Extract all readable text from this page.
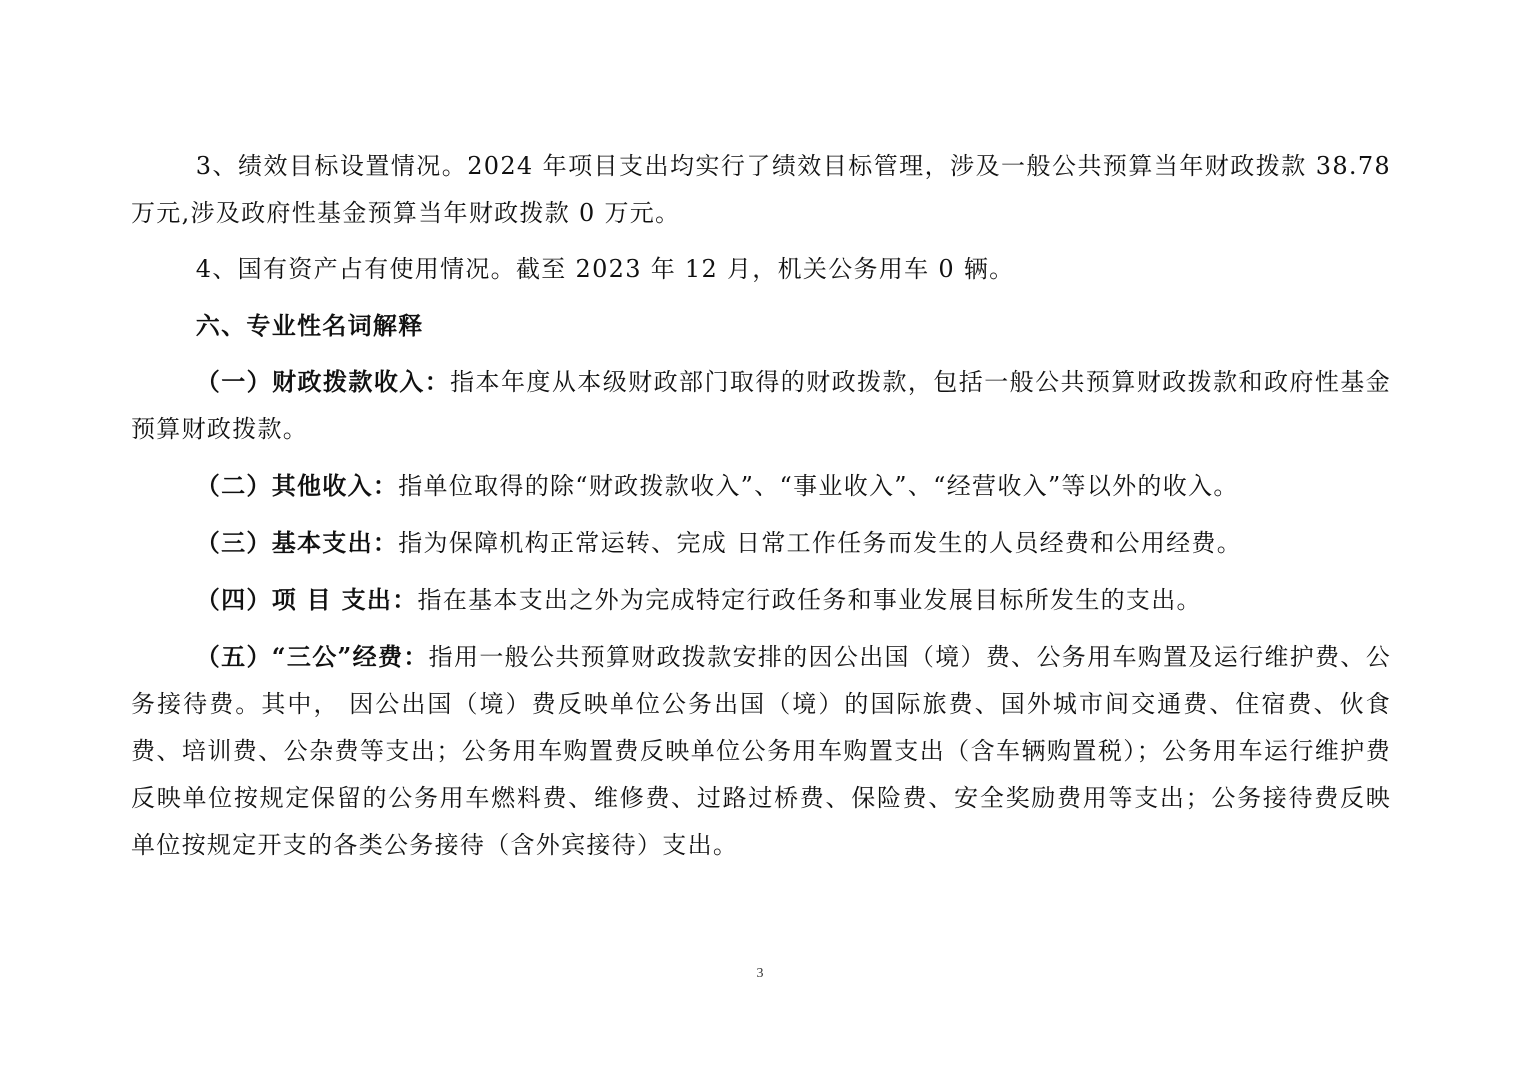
3、绩效目标设置情况。2024 年项目支出均实行了绩效目标管理，涉及一般公共预算当年财政拨款 38.78 万元,涉及政府性基金预算当年财政拨款 0 万元。

4、国有资产占有使用情况。截至 2023 年 12 月，机关公务用车 0 辆。

六、专业性名词解释

（一）财政拨款收入：指本年度从本级财政部门取得的财政拨款，包括一般公共预算财政拨款和政府性基金预算财政拨款。

（二）其他收入：指单位取得的除“财政拨款收入”、“事业收入”、“经营收入”等以外的收入。

（三）基本支出：指为保障机构正常运转、完成 日常工作任务而发生的人员经费和公用经费。

（四）项 目 支出：指在基本支出之外为完成特定行政任务和事业发展目标所发生的支出。

（五）“三公”经费：指用一般公共预算财政拨款安排的因公出国（境）费、公务用车购置及运行维护费、公务接待费。其中， 因公出国（境）费反映单位公务出国（境）的国际旅费、国外城市间交通费、住宿费、伙食费、培训费、公杂费等支出；公务用车购置费反映单位公务用车购置支出（含车辆购置税）；公务用车运行维护费反映单位按规定保留的公务用车燃料费、维修费、过路过桥费、保险费、安全奖励费用等支出；公务接待费反映单位按规定开支的各类公务接待（含外宾接待）支出。

3
